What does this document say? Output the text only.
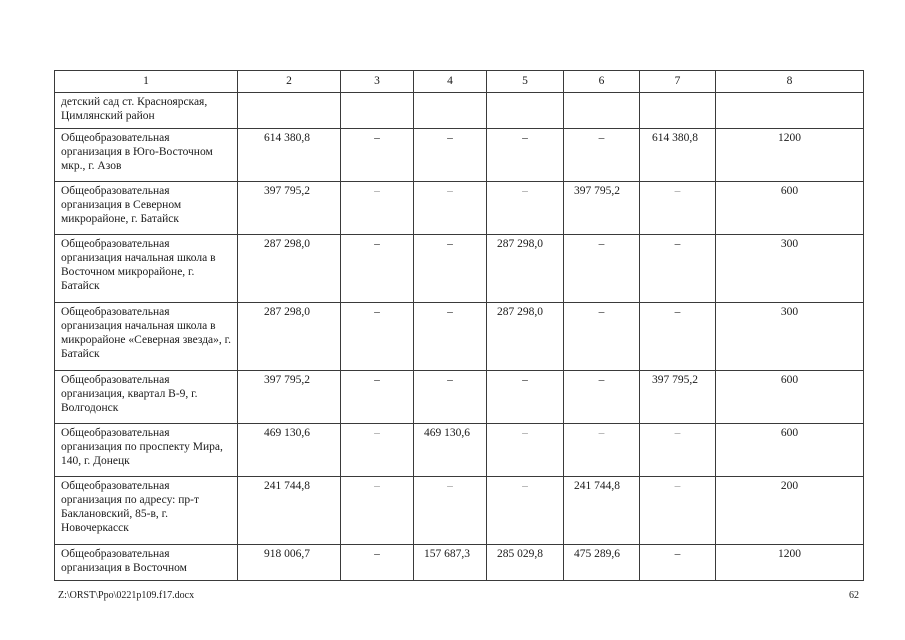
1	2	3	4	5	6	7	8
детский сад ст. Красноярская, Цимлянский район							
Общеобразовательная организация в Юго-Восточном мкр., г. Азов	614 380,8	–	–	–	–	614 380,8	1200
Общеобразовательная организация в Северном микрорайоне, г. Батайск	397 795,2	–	–	–	397 795,2	–	600
Общеобразовательная организация начальная школа в Восточном микрорайоне, г. Батайск	287 298,0	–	–	287 298,0	–	–	300
Общеобразовательная организация начальная школа в микрорайоне «Северная звезда», г. Батайск	287 298,0	–	–	287 298,0	–	–	300
Общеобразовательная организация, квартал В-9, г. Волгодонск	397 795,2	–	–	–	–	397 795,2	600
Общеобразовательная организация по проспекту Мира, 140, г. Донецк	469 130,6	–	469 130,6	–	–	–	600
Общеобразовательная организация по адресу: пр-т Баклановский, 85-в, г. Новочеркасск	241 744,8	–	–	–	241 744,8	–	200
Общеобразовательная организация в Восточном	918 006,7	–	157 687,3	285 029,8	475 289,6	–	1200
Z:\ORST\Ppo\0221p109.f17.docx	62
